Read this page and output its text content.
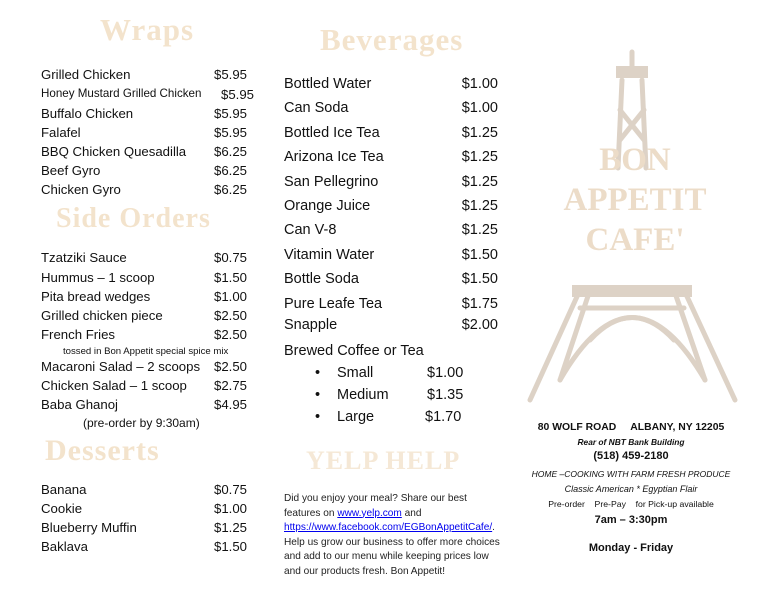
Wraps
Grilled Chicken	$5.95
Honey Mustard Grilled Chicken $5.95
Buffalo Chicken	$5.95
Falafel	$5.95
BBQ Chicken Quesadilla $6.25
Beef Gyro	$6.25
Chicken Gyro	$6.25
Side Orders
Tzatziki Sauce	$0.75
Hummus – 1 scoop	$1.50
Pita bread wedges	$1.00
Grilled chicken piece	$2.50
French Fries	$2.50
tossed in Bon Appetit special spice mix
Macaroni Salad – 2 scoops $2.50
Chicken Salad – 1 scoop $2.75
Baba Ghanoj	$4.95
(pre-order by 9:30am)
Desserts
Banana	$0.75
Cookie	$1.00
Blueberry Muffin	$1.25
Baklava	$1.50
Beverages
Bottled Water	$1.00
Can Soda	$1.00
Bottled Ice Tea	$1.25
Arizona Ice Tea	$1.25
San Pellegrino	$1.25
Orange Juice	$1.25
Can V-8	$1.25
Vitamin Water	$1.50
Bottle Soda	$1.50
Pure Leafe Tea	$1.75
Snapple	$2.00
Brewed Coffee or Tea
•	Small	$1.00
•	Medium	$1.35
•	Large	$1.70
YELP HELP
Did you enjoy your meal? Share our best features on www.yelp.com and https://www.facebook.com/EGBonAppetitCafe/. Help us grow our business to offer more choices and add to our menu while keeping prices low and our products fresh. Bon Appetit!
BON
APPETIT
CAFE'
80 WOLF ROAD     ALBANY, NY 12205
Rear of NBT Bank Building
(518) 459-2180
HOME –COOKING WITH FARM FRESH PRODUCE
Classic American * Egyptian Flair
Pre-order    Pre-Pay    for Pick-up available
7am – 3:30pm
Monday - Friday
